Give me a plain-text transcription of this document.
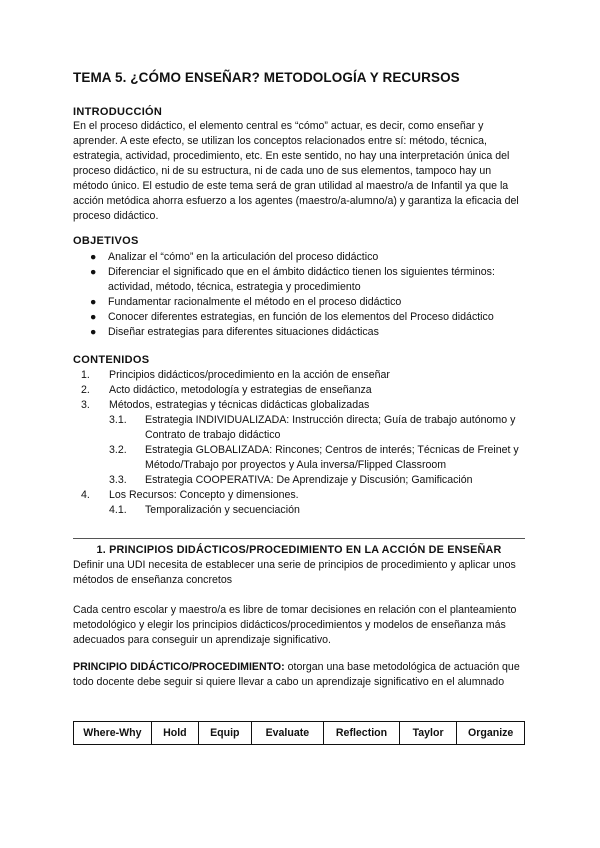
TEMA 5. ¿CÓMO ENSEÑAR? METODOLOGÍA Y RECURSOS
INTRODUCCIÓN
En el proceso didáctico, el elemento central es “cómo” actuar, es decir, como enseñar y aprender. A este efecto, se utilizan los conceptos relacionados entre sí: método, técnica, estrategia, actividad, procedimiento, etc. En este sentido, no hay una interpretación única del proceso didáctico, ni de su estructura, ni de cada uno de sus elementos, tampoco hay un método único. El estudio de este tema será de gran utilidad al maestro/a de Infantil ya que la acción metódica ahorra esfuerzo a los agentes (maestro/a-alumno/a) y garantiza la eficacia del proceso didáctico.
OBJETIVOS
● Analizar el “cómo” en la articulación del proceso didáctico
● Diferenciar el significado que en el ámbito didáctico tienen los siguientes términos: actividad, método, técnica, estrategia y procedimiento
● Fundamentar racionalmente el método en el proceso didáctico
● Conocer diferentes estrategias, en función de los elementos del Proceso didáctico
● Diseñar estrategias para diferentes situaciones didácticas
CONTENIDOS
1. Principios didácticos/procedimiento en la acción de enseñar
2. Acto didáctico, metodología y estrategias de enseñanza
3. Métodos, estrategias y técnicas didácticas globalizadas
3.1. Estrategia INDIVIDUALIZADA: Instrucción directa; Guía de trabajo autónomo y Contrato de trabajo didáctico
3.2. Estrategia GLOBALIZADA: Rincones; Centros de interés; Técnicas de Freinet y Método/Trabajo por proyectos y Aula inversa/Flipped Classroom
3.3. Estrategia COOPERATIVA: De Aprendizaje y Discusión; Gamificación
4. Los Recursos: Concepto y dimensiones.
4.1. Temporalización y secuenciación
1. PRINCIPIOS DIDÁCTICOS/PROCEDIMIENTO EN LA ACCIÓN DE ENSEÑAR
Definir una UDI necesita de establecer una serie de principios de procedimiento y aplicar unos métodos de enseñanza concretos
Cada centro escolar y maestro/a es libre de tomar decisiones en relación con el planteamiento metodológico y elegir los principios didácticos/procedimientos y modelos de enseñanza más adecuados para conseguir un aprendizaje significativo.
PRINCIPIO DIDÁCTICO/PROCEDIMIENTO: otorgan una base metodológica de actuación que todo docente debe seguir si quiere llevar a cabo un aprendizaje significativo en el alumnado
Where-Why	Hold	Equip	Evaluate	Reflection	Taylor	Organize
